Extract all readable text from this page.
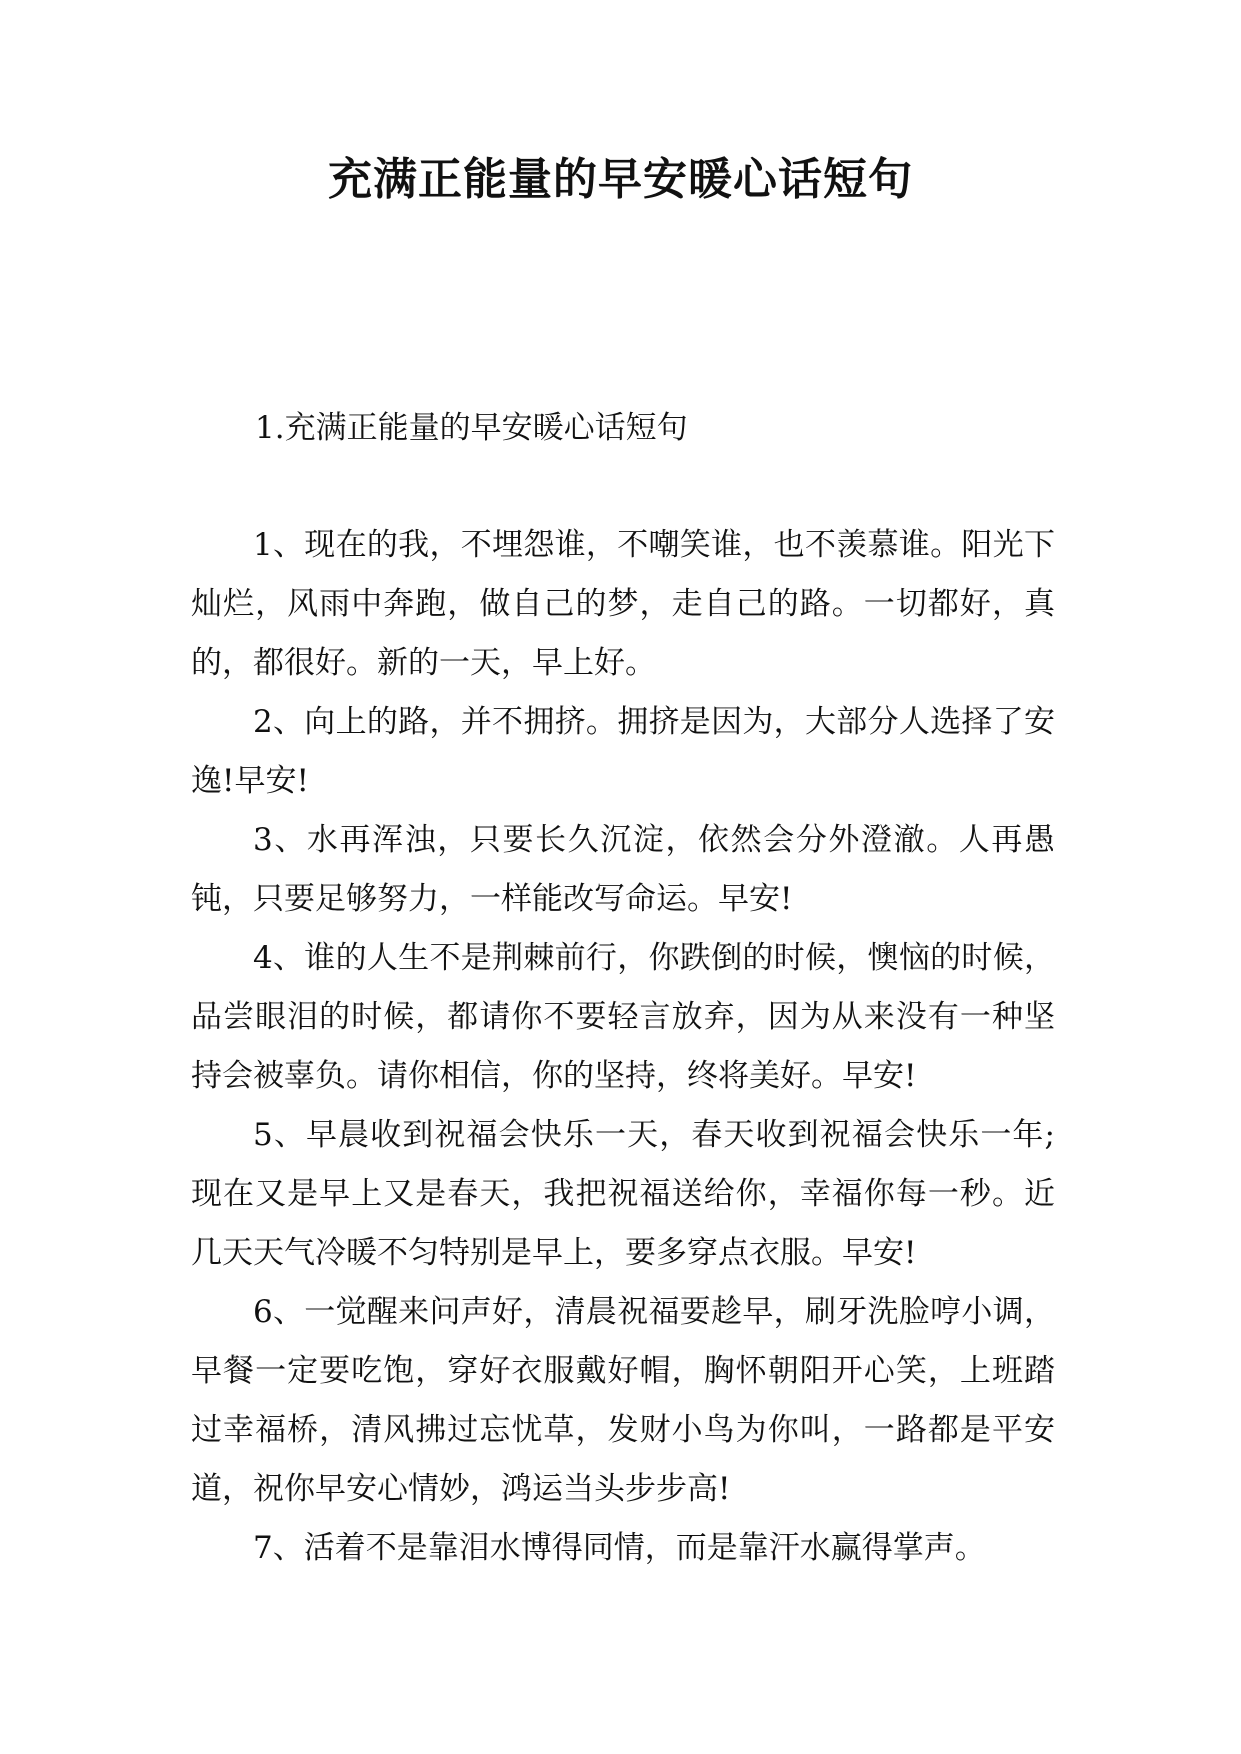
充满正能量的早安暖心话短句

1.充满正能量的早安暖心话短句

1、现在的我，不埋怨谁，不嘲笑谁，也不羡慕谁。阳光下灿烂，风雨中奔跑，做自己的梦，走自己的路。一切都好，真的，都很好。新的一天，早上好。

2、向上的路，并不拥挤。拥挤是因为，大部分人选择了安逸!早安!

3、水再浑浊，只要长久沉淀，依然会分外澄澈。人再愚钝，只要足够努力，一样能改写命运。早安!

4、谁的人生不是荆棘前行，你跌倒的时候，懊恼的时候，品尝眼泪的时候，都请你不要轻言放弃，因为从来没有一种坚持会被辜负。请你相信，你的坚持，终将美好。早安!

5、早晨收到祝福会快乐一天，春天收到祝福会快乐一年;现在又是早上又是春天，我把祝福送给你，幸福你每一秒。近几天天气冷暖不匀特别是早上，要多穿点衣服。早安!

6、一觉醒来问声好，清晨祝福要趁早，刷牙洗脸哼小调，早餐一定要吃饱，穿好衣服戴好帽，胸怀朝阳开心笑，上班踏过幸福桥，清风拂过忘忧草，发财小鸟为你叫，一路都是平安道，祝你早安心情妙，鸿运当头步步高!

7、活着不是靠泪水博得同情，而是靠汗水赢得掌声。
